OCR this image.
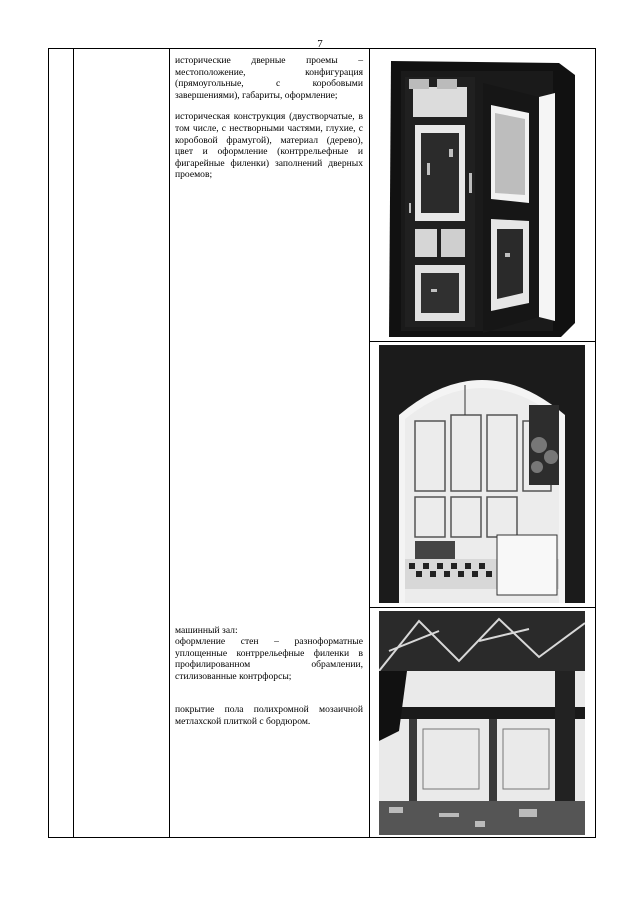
7

исторические дверные проемы – местоположение, конфигурация (прямоугольные, с коробовыми завершениями), габариты, оформление;

историческая конструкция (двустворчатые, в том числе, с нестворными частями, глухие, с коробовой фрамугой), материал (дерево), цвет и оформление (контррельефные и фигарейные филенки) заполнений дверных проемов;

машинный зал:
оформление стен – разноформатные уплощенные контррельефные филенки в профилированном обрамлении, стилизованные контрфорсы;

покрытие пола полихромной мозаичной метлахской плиткой с бордюром.
